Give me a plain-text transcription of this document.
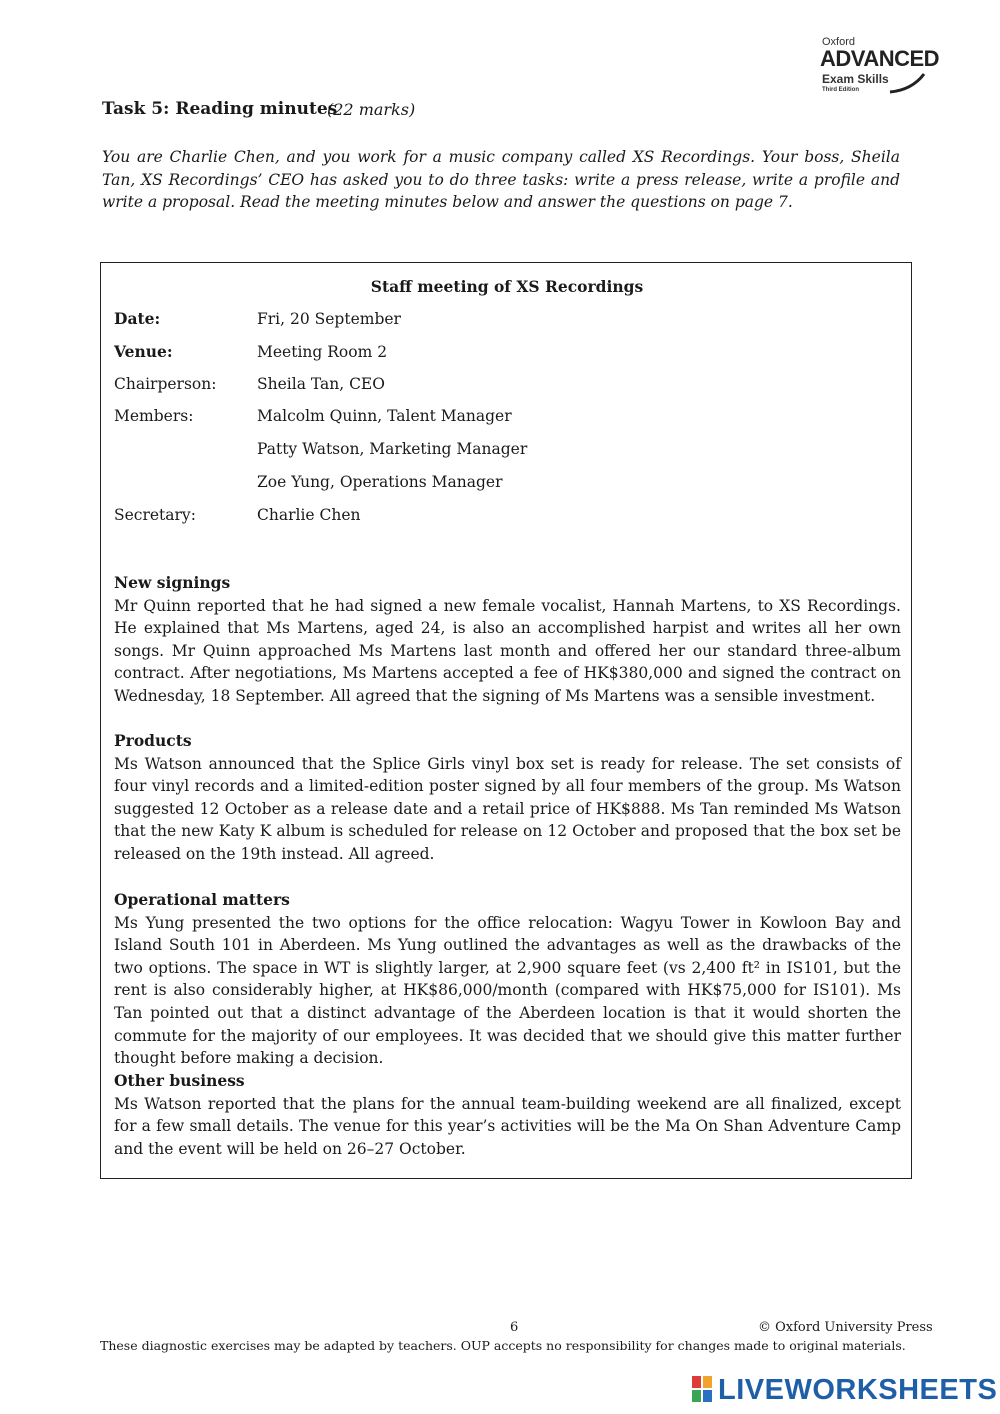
Oxford
ADVANCED
Exam Skills
Third Edition
Task 5: Reading minutes
(22 marks)
You are Charlie Chen, and you work for a music company called XS Recordings. Your boss, Sheila Tan, XS Recordings’ CEO has asked you to do three tasks: write a press release, write a profile and write a proposal. Read the meeting minutes below and answer the questions on page 7.
Staff meeting of XS Recordings
Date:	Fri, 20 September
Venue:	Meeting Room 2
Chairperson:	Sheila Tan, CEO
Members:	Malcolm Quinn, Talent Manager
Patty Watson, Marketing Manager
Zoe Yung, Operations Manager
Secretary:	Charlie Chen
New signings

Mr Quinn reported that he had signed a new female vocalist, Hannah Martens, to XS Recordings. He explained that Ms Martens, aged 24, is also an accomplished harpist and writes all her own songs. Mr Quinn approached Ms Martens last month and offered her our standard three-album contract. After negotiations, Ms Martens accepted a fee of HK$380,000 and signed the contract on Wednesday, 18 September. All agreed that the signing of Ms Martens was a sensible investment.

Products

Ms Watson announced that the Splice Girls vinyl box set is ready for release. The set consists of four vinyl records and a limited-edition poster signed by all four members of the group. Ms Watson suggested 12 October as a release date and a retail price of HK$888. Ms Tan reminded Ms Watson that the new Katy K album is scheduled for release on 12 October and proposed that the box set be released on the 19th instead. All agreed.

Operational matters

Ms Yung presented the two options for the office relocation: Wagyu Tower in Kowloon Bay and Island South 101 in Aberdeen. Ms Yung outlined the advantages as well as the drawbacks of the two options. The space in WT is slightly larger, at 2,900 square feet (vs 2,400 ft² in IS101, but the rent is also considerably higher, at HK$86,000/month (compared with HK$75,000 for IS101). Ms Tan pointed out that a distinct advantage of the Aberdeen location is that it would shorten the commute for the majority of our employees. It was decided that we should give this matter further thought before making a decision.

Other business

Ms Watson reported that the plans for the annual team-building weekend are all finalized, except for a few small details. The venue for this year’s activities will be the Ma On Shan Adventure Camp and the event will be held on 26–27 October.

6	© Oxford University Press
These diagnostic exercises may be adapted by teachers. OUP accepts no responsibility for changes made to original materials.
LIVEWORKSHEETS
